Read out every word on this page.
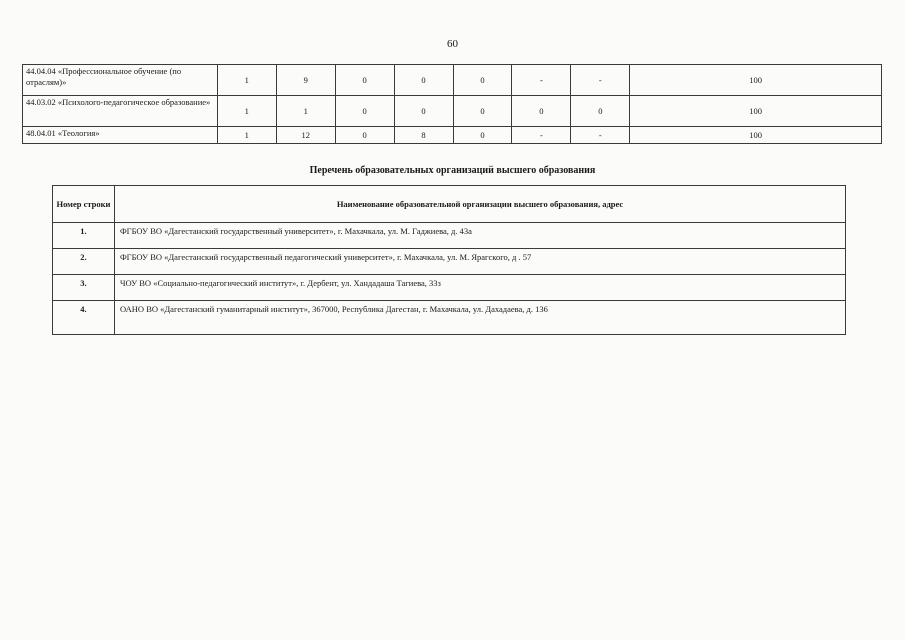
60
44.04.04 «Профессиональное обучение (по отраслям)»	1	9	0	0	0	-	-	100
44.03.02 «Психолого-педагогическое образование»	1	1	0	0	0	0	0	100
48.04.01 «Теология»	1	12	0	8	0	-	-	100
Перечень образовательных организаций высшего образования
Номер строки	Наименование образовательной организации высшего образования, адрес
1.	ФГБОУ ВО «Дагестанский государственный университет», г. Махачкала, ул. М. Гаджиева, д. 43а
2.	ФГБОУ ВО «Дагестанский государственный педагогический университет», г. Махачкала, ул. М. Ярагского, д . 57
3.	ЧОУ ВО «Социально-педагогический институт», г. Дербент, ул. Хандадаша Тагиева, 33з
4.	ОАНО ВО «Дагестанский гуманитарный институт», 367000, Республика Дагестан, г. Махачкала, ул. Дахадаева, д. 136
